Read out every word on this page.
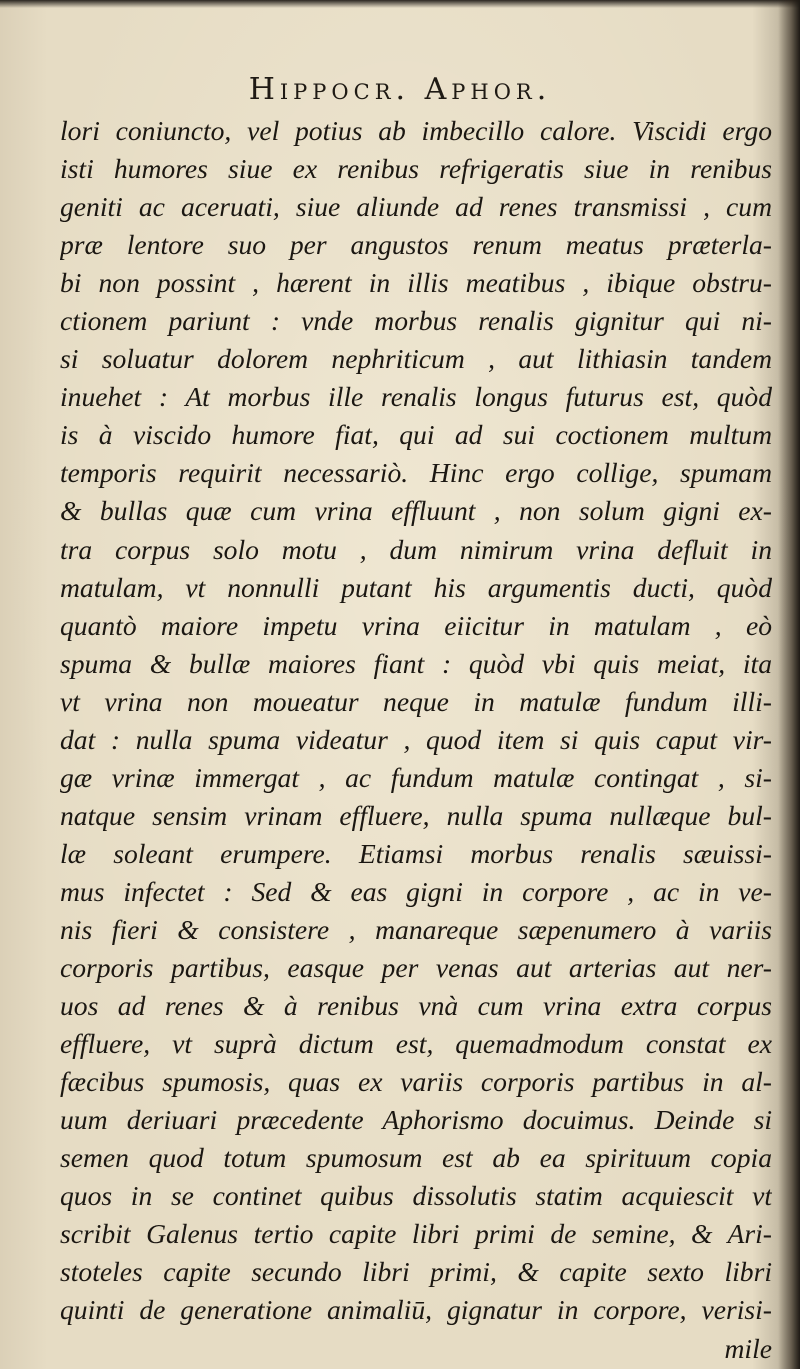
Hippocr. Aphor.
lori coniuncto, vel potius ab imbecillo calore. Viscidi ergo
isti humores siue ex renibus refrigeratis siue in renibus
geniti ac aceruati, siue aliunde ad renes transmissi , cum
præ lentore suo per angustos renum meatus præterla-
bi non possint , hærent in illis meatibus , ibique obstru-
ctionem pariunt : vnde morbus renalis gignitur qui ni-
si soluatur dolorem nephriticum , aut lithiasin tandem
inuehet : At morbus ille renalis longus futurus est, quòd
is à viscido humore fiat, qui ad sui coctionem multum
temporis requirit necessariò. Hinc ergo collige, spumam
& bullas quæ cum vrina effluunt , non solum gigni ex-
tra corpus solo motu , dum nimirum vrina defluit in
matulam, vt nonnulli putant his argumentis ducti, quòd
quantò maiore impetu vrina eiicitur in matulam , eò
spuma & bullæ maiores fiant : quòd vbi quis meiat, ita
vt vrina non moueatur neque in matulæ fundum illi-
dat : nulla spuma videatur , quod item si quis caput vir-
gæ vrinæ immergat , ac fundum matulæ contingat , si-
natque sensim vrinam effluere, nulla spuma nullæque bul-
læ soleant erumpere. Etiamsi morbus renalis sæuissi-
mus infectet : Sed & eas gigni in corpore , ac in ve-
nis fieri & consistere , manareque sæpenumero à variis
corporis partibus, easque per venas aut arterias aut ner-
uos ad renes & à renibus vnà cum vrina extra corpus
effluere, vt suprà dictum est, quemadmodum constat ex
fæcibus spumosis, quas ex variis corporis partibus in al-
uum deriuari præcedente Aphorismo docuimus. Deinde si
semen quod totum spumosum est ab ea spirituum copia
quos in se continet quibus dissolutis statim acquiescit vt
scribit Galenus tertio capite libri primi de semine, & Ari-
stoteles capite secundo libri primi, & capite sexto libri
quinti de generatione animaliū, gignatur in corpore, verisi-
mile
